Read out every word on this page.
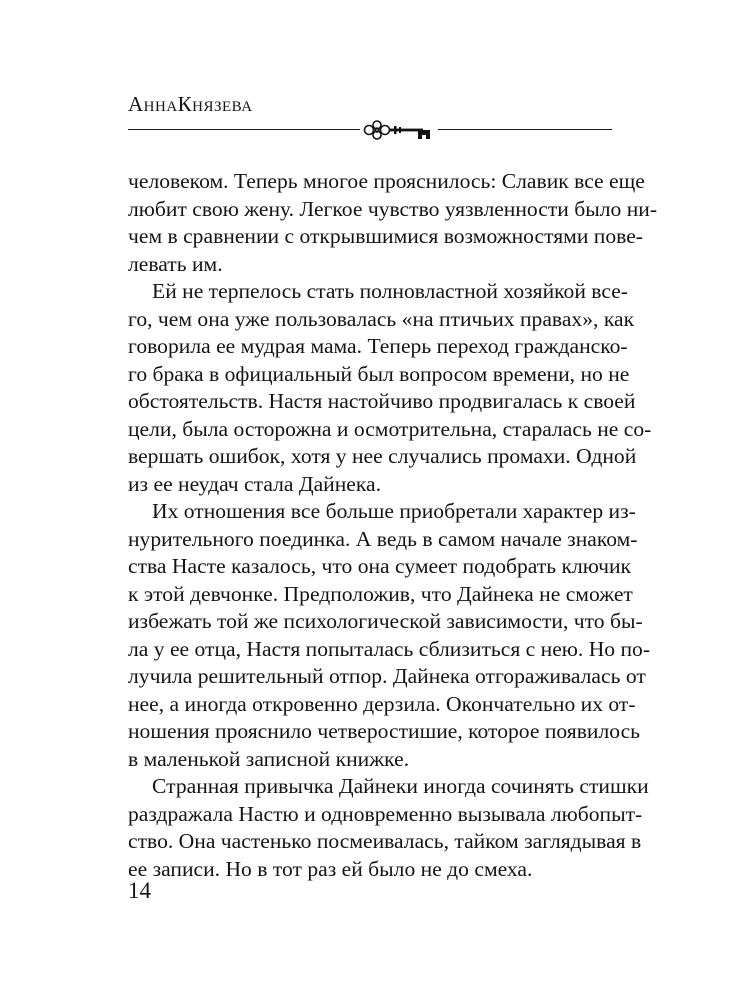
АннаКнязева
человеком. Теперь многое прояснилось: Славик все еще
любит свою жену. Легкое чувство уязвленности было ни-
чем в сравнении с открывшимися возможностями пове-
левать им.
Ей не терпелось стать полновластной хозяйкой все-
го, чем она уже пользовалась «на птичьих правах», как
говорила ее мудрая мама. Теперь переход гражданско-
го брака в официальный был вопросом времени, но не
обстоятельств. Настя настойчиво продвигалась к своей
цели, была осторожна и осмотрительна, старалась не со-
вершать ошибок, хотя у нее случались промахи. Одной
из ее неудач стала Дайнека.
Их отношения все больше приобретали характер из-
нурительного поединка. А ведь в самом начале знаком-
ства Насте казалось, что она сумеет подобрать ключик
к этой девчонке. Предположив, что Дайнека не сможет
избежать той же психологической зависимости, что бы-
ла у ее отца, Настя попыталась сблизиться с нею. Но по-
лучила решительный отпор. Дайнека отгораживалась от
нее, а иногда откровенно дерзила. Окончательно их от-
ношения прояснило четверостишие, которое появилось
в маленькой записной книжке.
Странная привычка Дайнеки иногда сочинять стишки
раздражала Настю и одновременно вызывала любопыт-
ство. Она частенько посмеивалась, тайком заглядывая в
ее записи. Но в тот раз ей было не до смеха.
14
